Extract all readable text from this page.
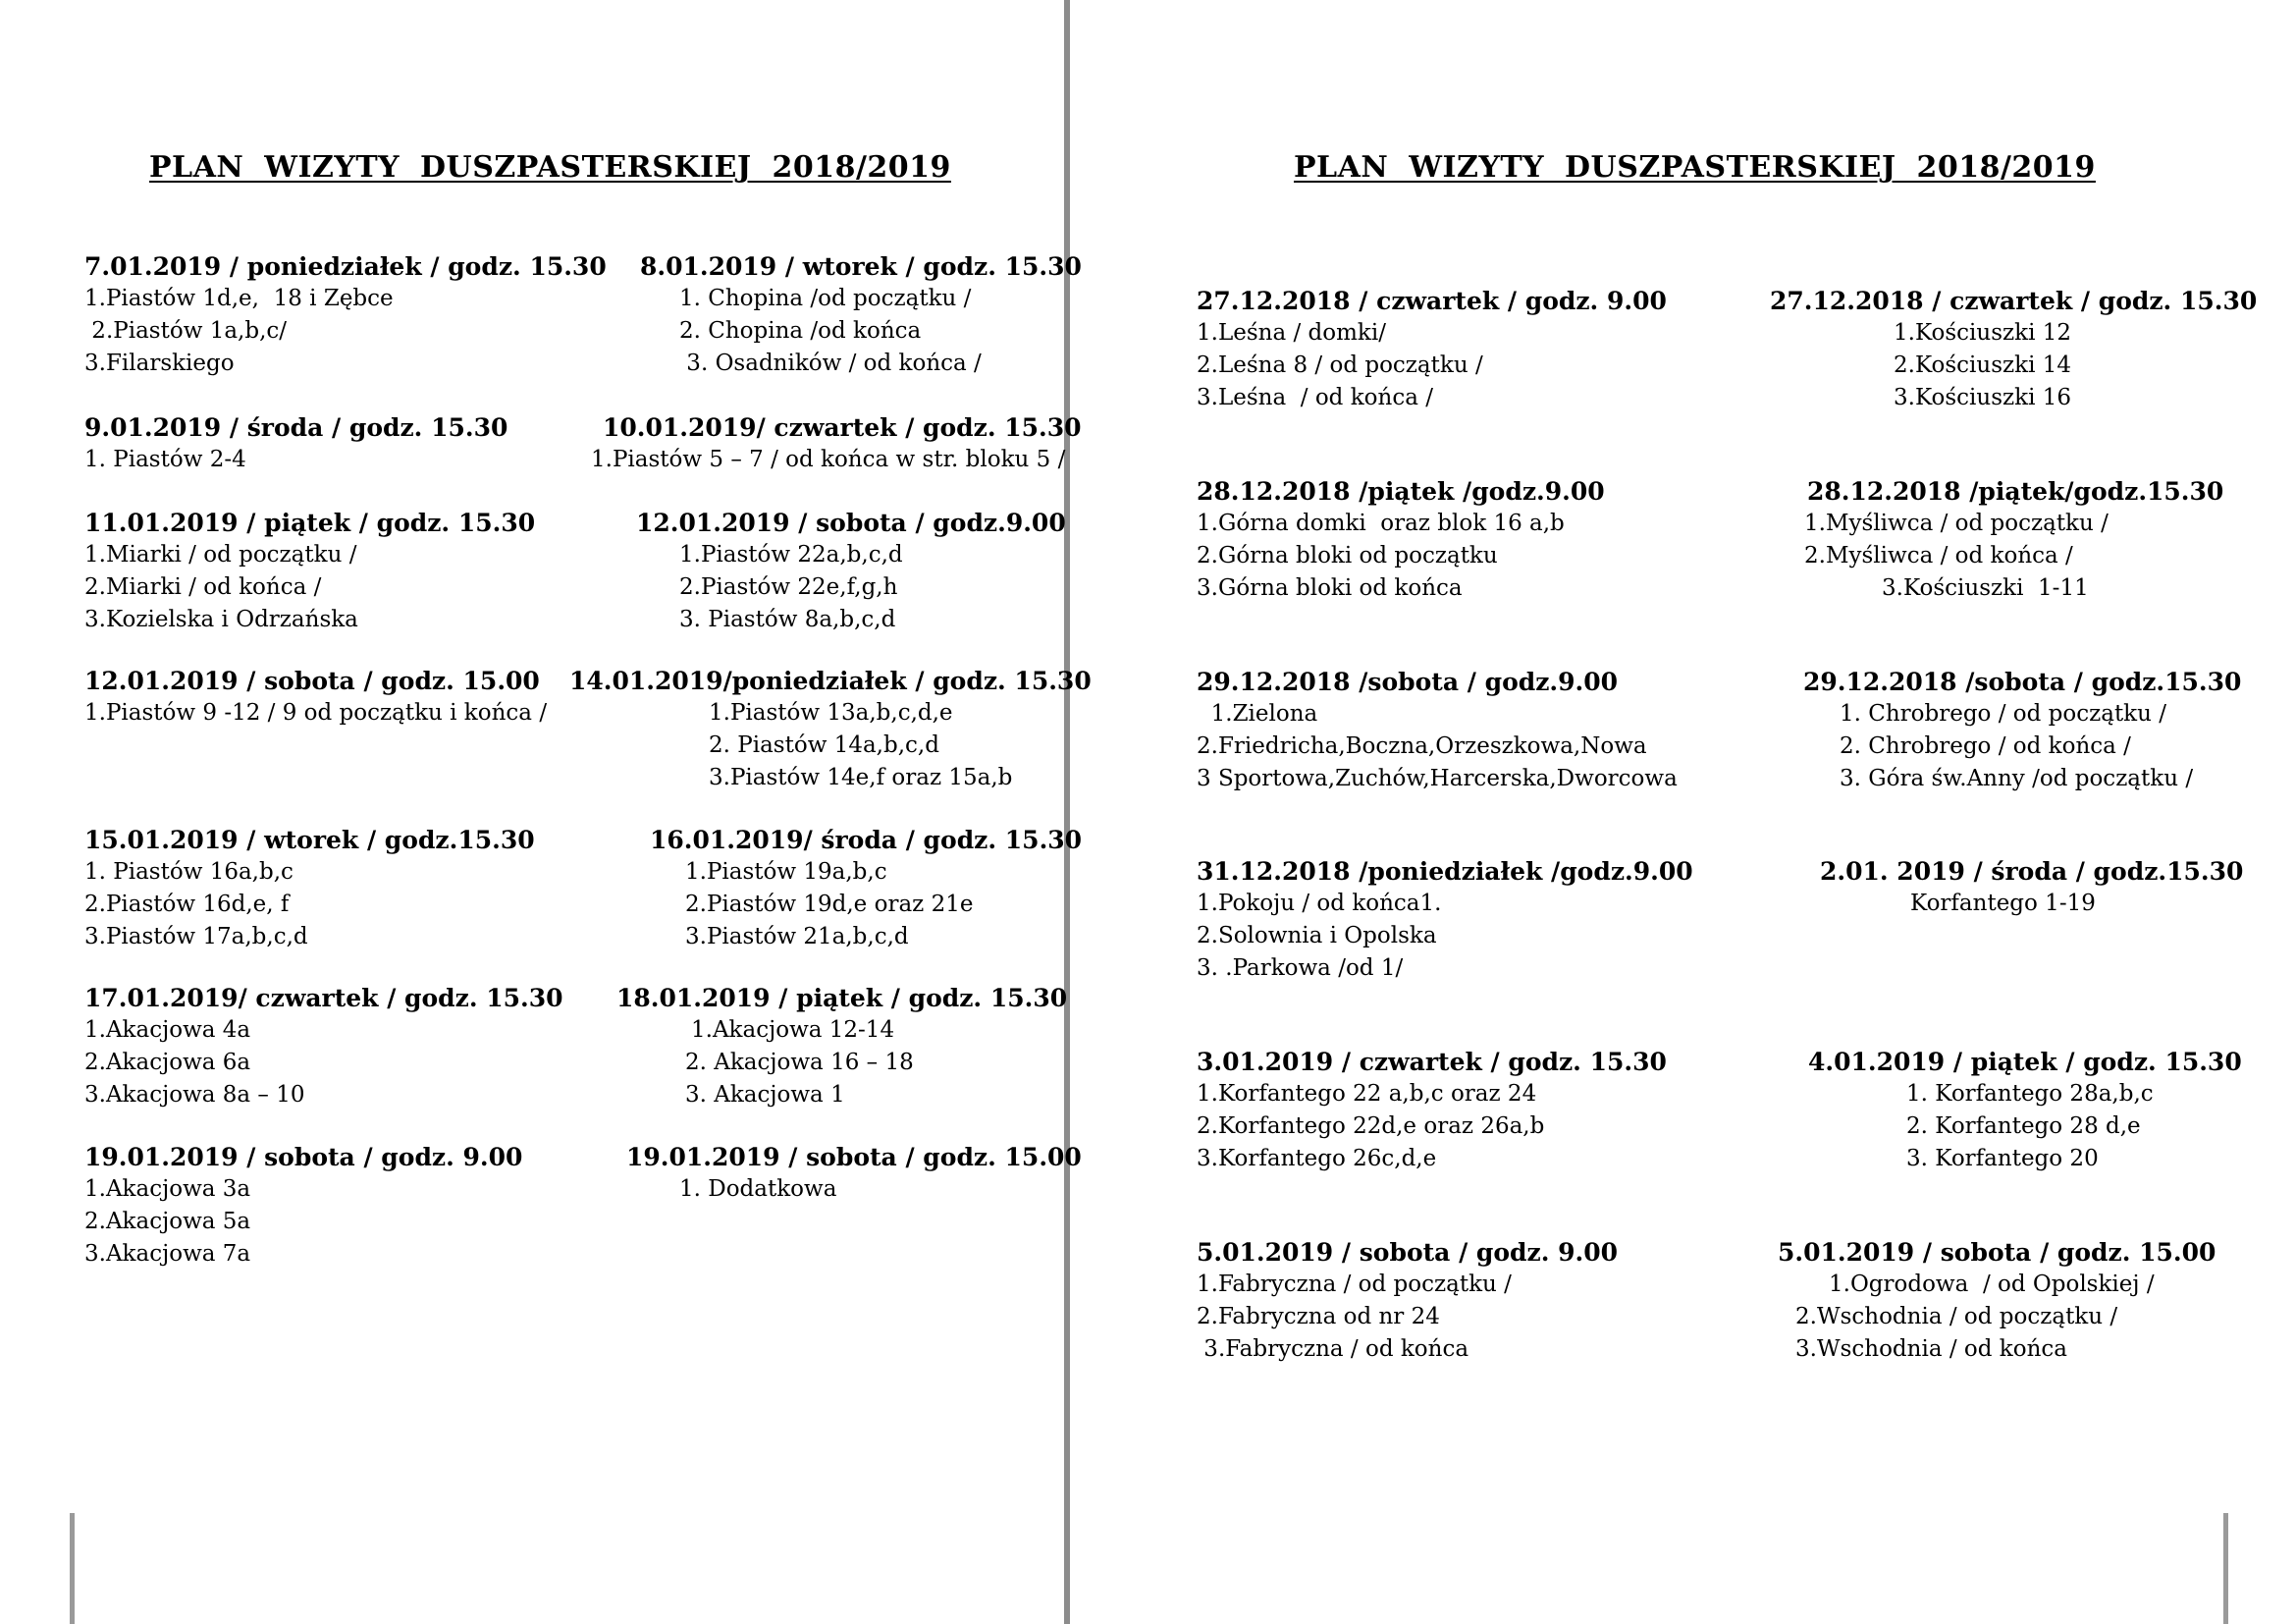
PLAN WIZYTY DUSZPASTERSKIEJ 2018/2019
7.01.2019 / poniedziałek / godz. 15.30
1.Piastów 1d,e,  18 i Zębce
2.Piastów 1a,b,c/
3.Filarskiego
8.01.2019 / wtorek / godz. 15.30
1. Chopina /od początku /
2. Chopina /od końca
3. Osadników / od końca /
9.01.2019 / środa / godz. 15.30
1. Piastów 2-4
10.01.2019/ czwartek / godz. 15.30
1.Piastów 5 – 7 / od końca w str. bloku 5 /
11.01.2019 / piątek / godz. 15.30
1.Miarki / od początku /
2.Miarki / od końca /
3.Kozielska i Odrzańska
12.01.2019 / sobota / godz.9.00
1.Piastów 22a,b,c,d
2.Piastów 22e,f,g,h
3. Piastów 8a,b,c,d
12.01.2019 / sobota / godz. 15.00
1.Piastów 9 -12 / 9 od początku i końca /
14.01.2019/poniedziałek / godz. 15.30
1.Piastów 13a,b,c,d,e
2. Piastów 14a,b,c,d
3.Piastów 14e,f oraz 15a,b
15.01.2019 / wtorek / godz.15.30
1. Piastów 16a,b,c
2.Piastów 16d,e, f
3.Piastów 17a,b,c,d
16.01.2019/ środa / godz. 15.30
1.Piastów 19a,b,c
2.Piastów 19d,e oraz 21e
3.Piastów 21a,b,c,d
17.01.2019/ czwartek / godz. 15.30
1.Akacjowa 4a
2.Akacjowa 6a
3.Akacjowa 8a – 10
18.01.2019 / piątek / godz. 15.30
1.Akacjowa 12-14
2. Akacjowa 16 – 18
3. Akacjowa 1
19.01.2019 / sobota / godz. 9.00
1.Akacjowa 3a
2.Akacjowa 5a
3.Akacjowa 7a
19.01.2019 / sobota / godz. 15.00
1. Dodatkowa
PLAN WIZYTY DUSZPASTERSKIEJ 2018/2019
27.12.2018 / czwartek / godz. 9.00
1.Leśna / domki/
2.Leśna 8 / od początku /
3.Leśna  / od końca /
27.12.2018 / czwartek / godz. 15.30
1.Kościuszki 12
2.Kościuszki 14
3.Kościuszki 16
28.12.2018 /piątek /godz.9.00
1.Górna domki  oraz blok 16 a,b
2.Górna bloki od początku
3.Górna bloki od końca
28.12.2018 /piątek/godz.15.30
1.Myśliwca / od początku /
2.Myśliwca / od końca /
3.Kościuszki  1-11
29.12.2018 /sobota / godz.9.00
1.Zielona
2.Friedricha,Boczna,Orzeszkowa,Nowa
3 Sportowa,Zuchów,Harcerska,Dworcowa
29.12.2018 /sobota / godz.15.30
1. Chrobrego / od początku /
2. Chrobrego / od końca /
3. Góra św.Anny /od początku /
31.12.2018 /poniedziałek /godz.9.00
1.Pokoju / od końca1.
2.Solownia i Opolska
3. .Parkowa /od 1/
2.01. 2019 / środa / godz.15.30
Korfantego 1-19
3.01.2019 / czwartek / godz. 15.30
1.Korfantego 22 a,b,c oraz 24
2.Korfantego 22d,e oraz 26a,b
3.Korfantego 26c,d,e
4.01.2019 / piątek / godz. 15.30
1. Korfantego 28a,b,c
2. Korfantego 28 d,e
3. Korfantego 20
5.01.2019 / sobota / godz. 9.00
1.Fabryczna / od początku /
2.Fabryczna od nr 24
3.Fabryczna / od końca
5.01.2019 / sobota / godz. 15.00
1.Ogrodowa  / od Opolskiej /
2.Wschodnia / od początku /
3.Wschodnia / od końca
